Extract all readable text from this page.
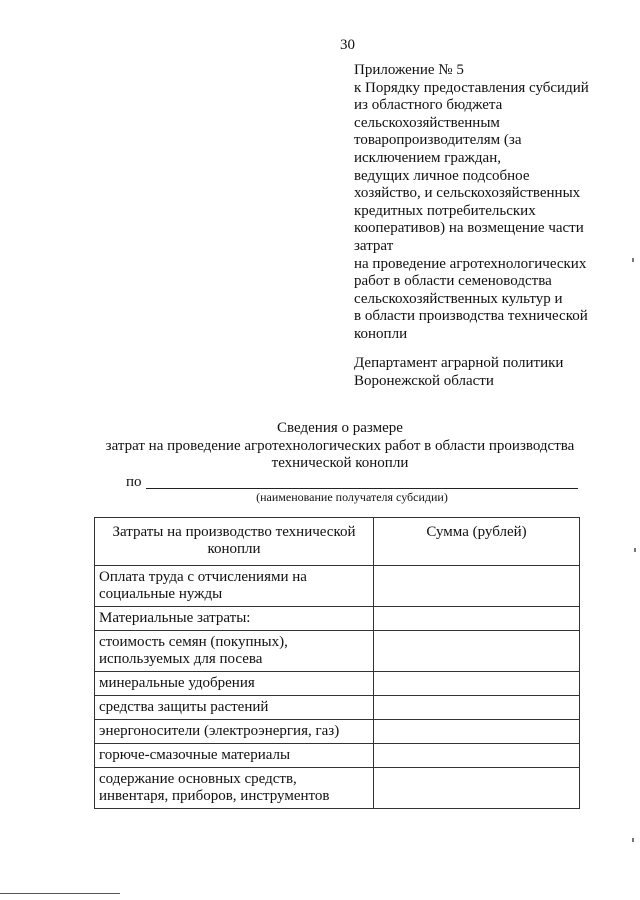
30
Приложение № 5
к Порядку предоставления субсидий
из областного бюджета
сельскохозяйственным
товаропроизводителям (за
исключением граждан,
ведущих личное подсобное
хозяйство, и сельскохозяйственных
кредитных потребительских
кооперативов) на возмещение части
затрат
на проведение агротехнологических
работ в области семеноводства
сельскохозяйственных культур и
в области производства технической
конопли
Департамент аграрной политики
Воронежской области
Сведения о размере
затрат на проведение агротехнологических работ в области производства
технической конопли
по
(наименование получателя субсидии)
Затраты на производство технической конопли	Сумма (рублей)
Оплата труда с отчислениями на социальные нужды	
Материальные затраты:	
стоимость семян (покупных), используемых для посева	
минеральные удобрения	
средства защиты растений	
энергоносители (электроэнергия, газ)	
горюче-смазочные материалы	
содержание основных средств, инвентаря, приборов, инструментов	
